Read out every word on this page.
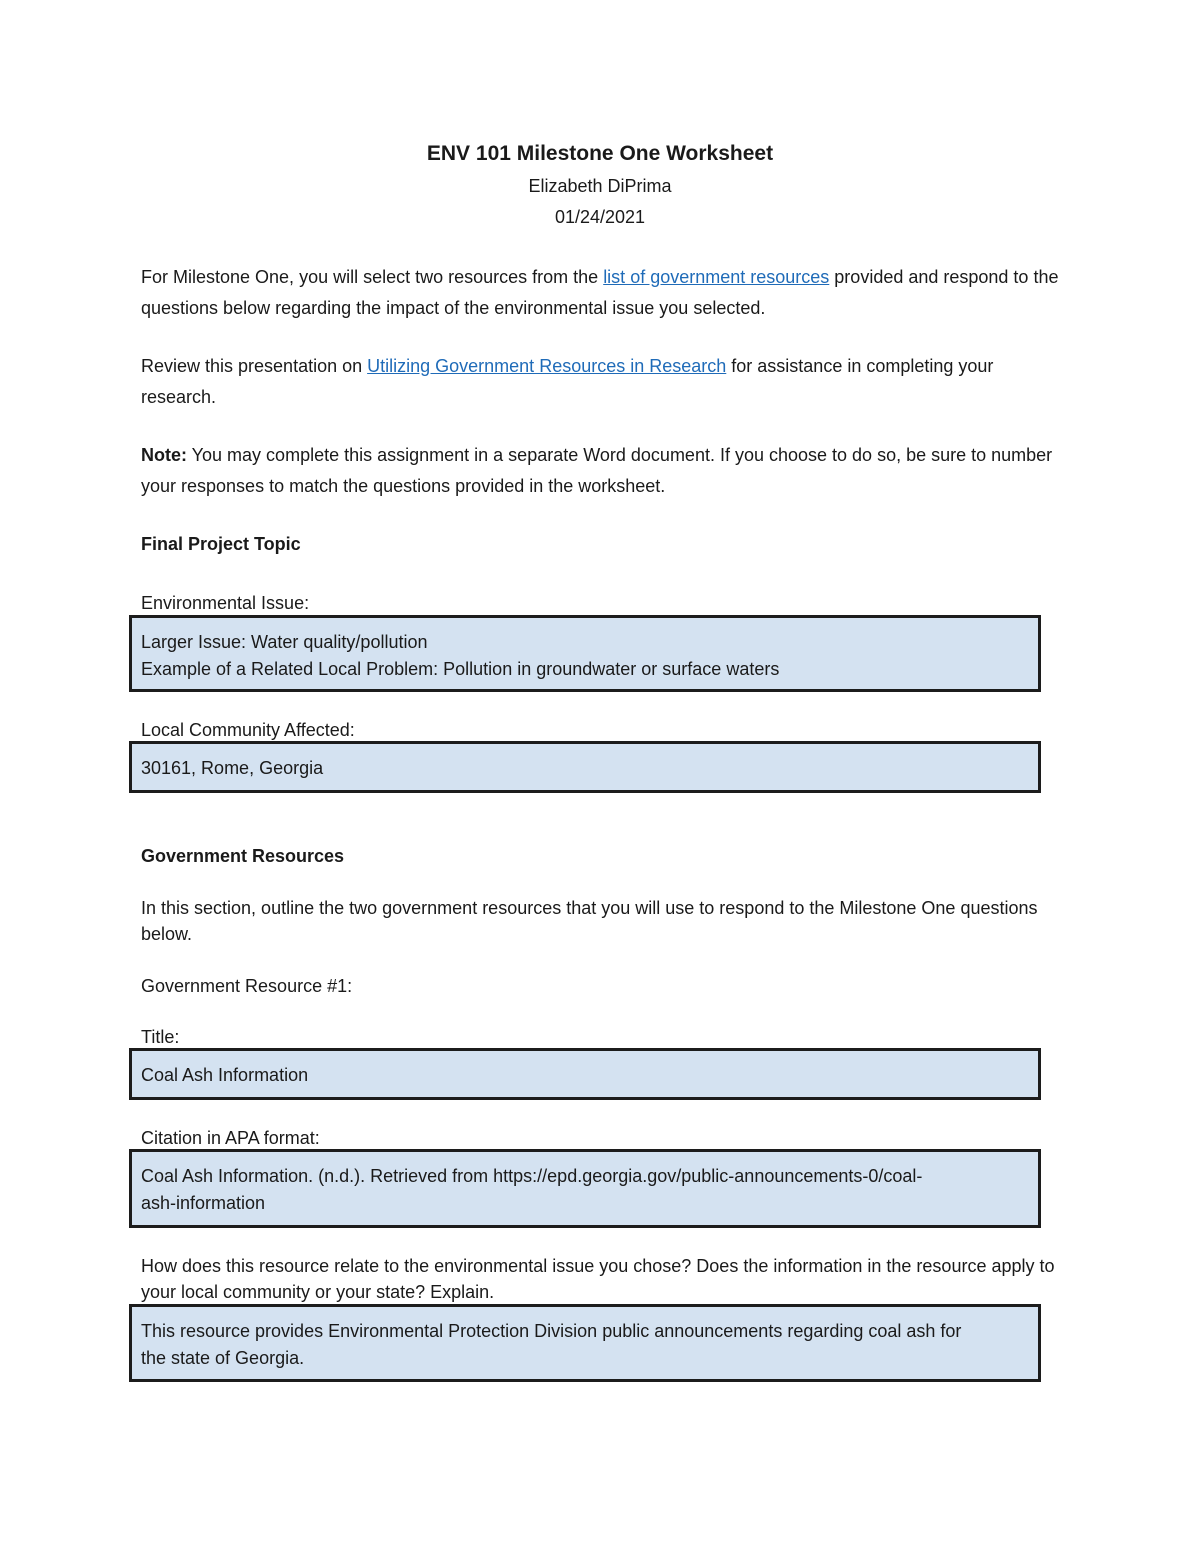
ENV 101 Milestone One Worksheet
Elizabeth DiPrima
01/24/2021
For Milestone One, you will select two resources from the list of government resources provided and respond to the questions below regarding the impact of the environmental issue you selected.
Review this presentation on Utilizing Government Resources in Research for assistance in completing your research.
Note: You may complete this assignment in a separate Word document. If you choose to do so, be sure to number your responses to match the questions provided in the worksheet.
Final Project Topic
Environmental Issue:
Larger Issue: Water quality/pollution
Example of a Related Local Problem: Pollution in groundwater or surface waters
Local Community Affected:
30161, Rome, Georgia
Government Resources
In this section, outline the two government resources that you will use to respond to the Milestone One questions below.
Government Resource #1:
Title:
Coal Ash Information
Citation in APA format:
Coal Ash Information. (n.d.). Retrieved from https://epd.georgia.gov/public-announcements-0/coal-
ash-information
How does this resource relate to the environmental issue you chose? Does the information in the resource apply to your local community or your state? Explain.
This resource provides Environmental Protection Division public announcements regarding coal ash for
the state of Georgia.
